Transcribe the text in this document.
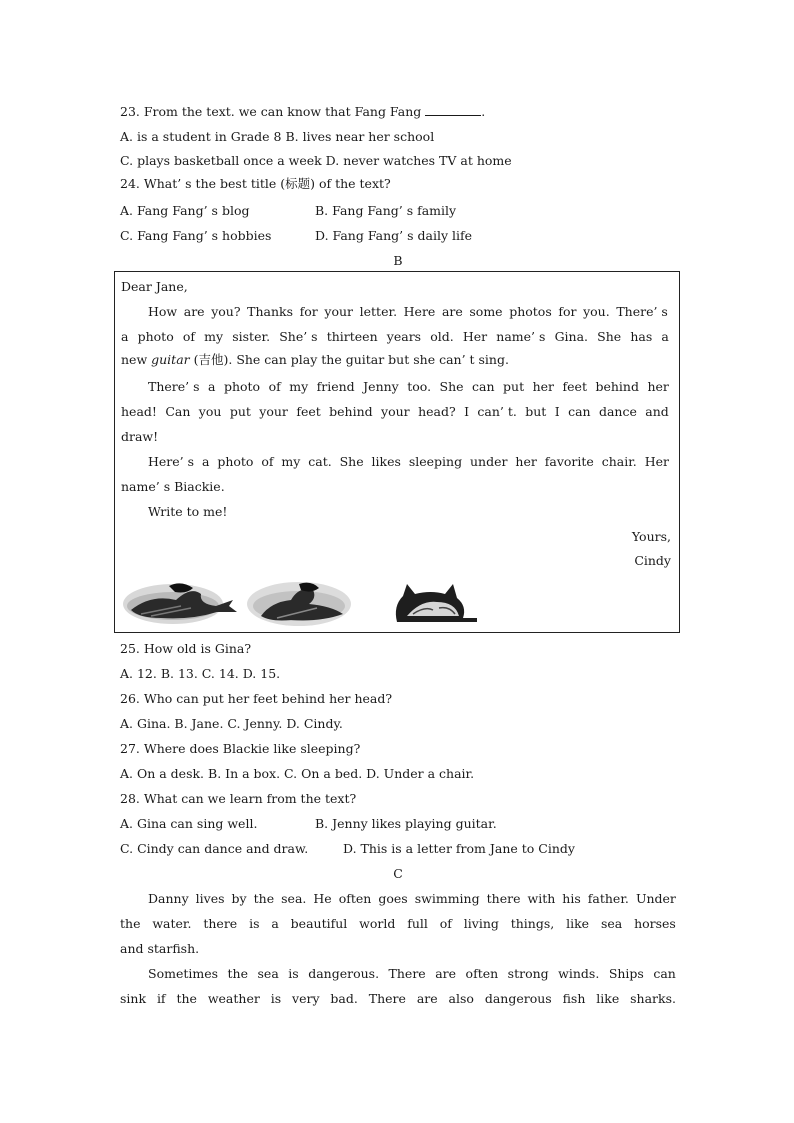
23. From the text. we can know that Fang Fang	.
A. is a student in Grade 8 B. lives near her school
C. plays basketball once a week D. never watches TV at home
24. What’ s the best title (标题) of the text?
A. Fang Fang’ s blog	B. Fang Fang’ s family
C. Fang Fang’ s hobbies	D. Fang Fang’ s daily life
B
Dear Jane,
How are you? Thanks for your letter. Here are some photos for you. There’ s
a photo of my sister. She’ s thirteen years old. Her name’ s Gina. She has a
new guitar (吉他). She can play the guitar but she can’ t sing.
There’ s a photo of my friend Jenny too. She can put her feet behind her
head! Can you put your feet behind your head? I can’ t. but I can dance and
draw!
Here’ s a photo of my cat. She likes sleeping under her favorite chair. Her
name’ s Biackie.
Write to me!
Yours,
Cindy
25. How old is Gina?
A. 12. B. 13. C. 14. D. 15.
26. Who can put her feet behind her head?
A. Gina. B. Jane. C. Jenny. D. Cindy.
27. Where does Blackie like sleeping?
A. On a desk. B. In a box. C. On a bed. D. Under a chair.
28. What can we learn from the text?
A. Gina can sing well.	B. Jenny likes playing guitar.
C. Cindy can dance and draw.	D. This is a letter from Jane to Cindy
C
Danny lives by the sea. He often goes swimming there with his father. Under
the water. there is a beautiful world full of living things, like sea horses
and starfish.
Sometimes the sea is dangerous. There are often strong winds. Ships can
sink if the weather is very bad. There are also dangerous fish like sharks.
